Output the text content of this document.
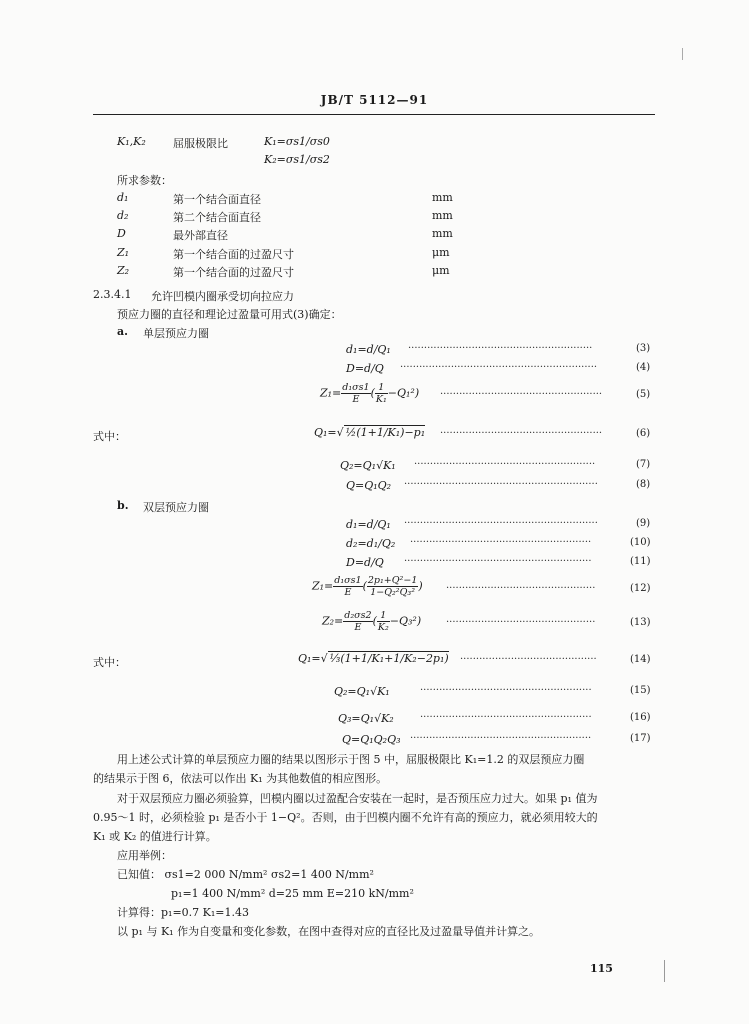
JB/T 5112—91
K₁,K₂ 屈服极限比	K₁=σs1/σs0
K₂=σs1/σs2
所求参数：
d₁	第一个结合面直径	mm
d₂	第二个结合面直径	mm
D	最外部直径	mm
Z₁	第一个结合面的过盈尺寸	μm
Z₂	第一个结合面的过盈尺寸	μm
2.3.4.1 允许凹模内圈承受切向拉应力
预应力圈的直径和理论过盈量可用式(3)确定：
a. 单层预应力圈
d₁=d/Q₁ ··························································	(3)
D=d/Q ······························································	(4)
$Z_1= \frac{\text{d₁σs1}}{E}$ ( $\frac{1}{\text{K₁}} -Q_1^2$) ···················································	(5)
式中：	Q₁=√ ½(1+1/K₁)−p₁ ···················································	(6)
Q₂=Q₁√K₁ ·························································	(7)
Q=Q₁Q₂ ·····························································	(8)
b. 双层预应力圈
d₁=d/Q₁ ·····························································	(9)
d₂=d₁/Q₂ ·························································	(10)
D=d/Q ···························································	(11)
$Z_1= \frac{\text{d₁σs1}}{E}$ ( $\frac{\text{2p₁+Q²−1}}{\text{1−Q₂²Q₃²}}$ ) ···············································	(12)
$Z_2= \frac{\text{d₂σs2}}{E}$ ( $\frac{1}{\text{K₂}} -Q_3^2$) ···············································	(13)
式中：	Q₁=√ ⅓(1+1/K₁+1/K₂−2p₁) ···········································	(14)
Q₂=Q₁√K₁	······················································	(15)
Q₃=Q₁√K₂	······················································	(16)
Q=Q₁Q₂Q₃ ·························································	(17)
用上述公式计算的单层预应力圈的结果以图形示于图 5 中，屈服极限比 K₁=1.2 的双层预应力圈
的结果示于图 6，依法可以作出 K₁ 为其他数值的相应图形。
对于双层预应力圈必须验算，凹模内圈以过盈配合安装在一起时，是否预压应力过大。如果 p₁ 值为
0.95～1 时，必须检验 p₁ 是否小于 1−Q²。否则，由于凹模内圈不允许有高的预应力，就必须用较大的
K₁ 或 K₂ 的值进行计算。
应用举例：
已知值： σs1=2 000 N/mm² σs2=1 400 N/mm²
p₁=1 400 N/mm² d=25 mm E=210 kN/mm²
计算得：p₁=0.7 K₁=1.43
以 p₁ 与 K₁ 作为自变量和变化参数，在图中查得对应的直径比及过盈量导值并计算之。
115
